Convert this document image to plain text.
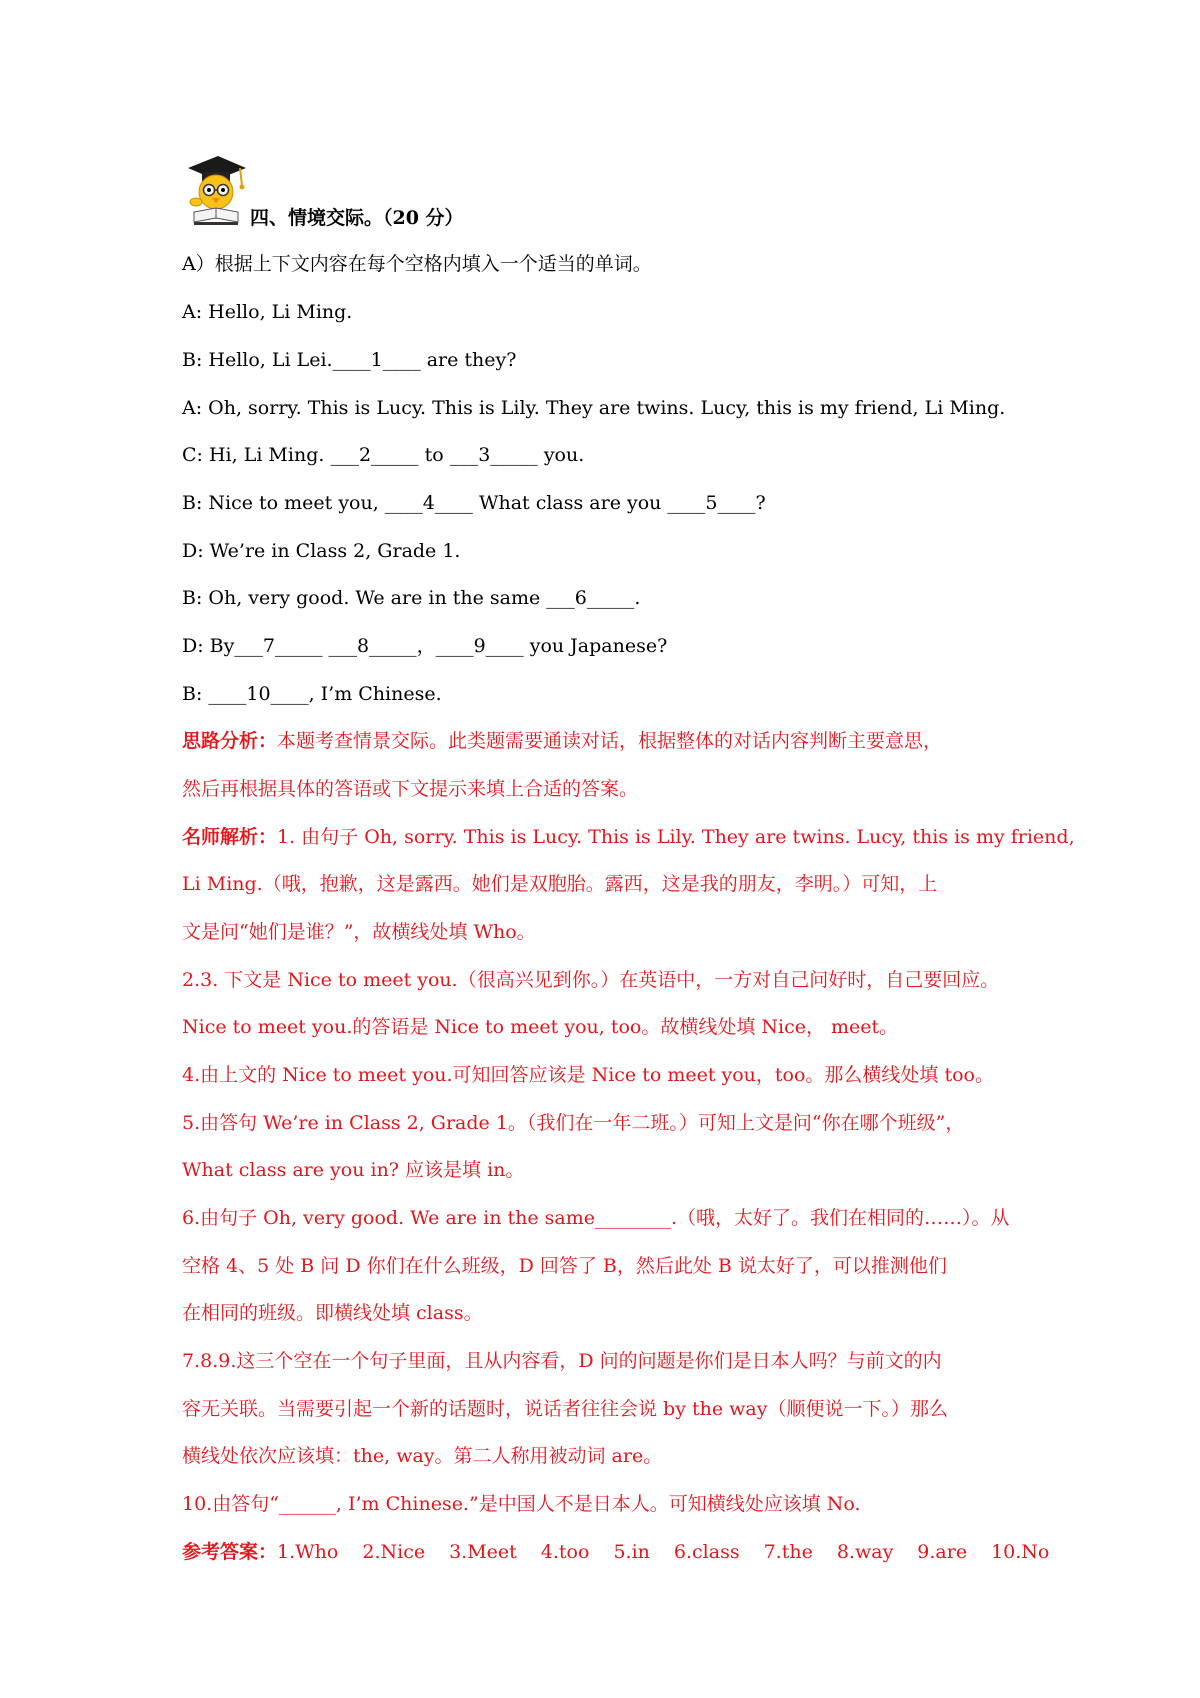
四、情境交际。（20 分）
A）根据上下文内容在每个空格内填入一个适当的单词。
A: Hello, Li Ming.
B: Hello, Li Lei.____1____ are they?
A: Oh, sorry. This is Lucy. This is Lily. They are twins. Lucy, this is my friend, Li Ming.
C: Hi, Li Ming. ___2_____ to ___3_____ you.
B: Nice to meet you, ____4____ What class are you ____5____?
D: We’re in Class 2, Grade 1.
B: Oh, very good. We are in the same ___6_____.
D: By___7_____ ___8_____，____9____ you Japanese?
B: ____10____, I’m Chinese.
思路分析：本题考查情景交际。此类题需要通读对话，根据整体的对话内容判断主要意思，
然后再根据具体的答语或下文提示来填上合适的答案。
名师解析：1. 由句子 Oh, sorry. This is Lucy. This is Lily. They are twins. Lucy, this is my friend,
Li Ming.（哦，抱歉，这是露西。她们是双胞胎。露西，这是我的朋友，李明。）可知，上
文是问“她们是谁？”，故横线处填 Who。
2.3. 下文是 Nice to meet you.（很高兴见到你。）在英语中，一方对自己问好时，自己要回应。
Nice to meet you.的答语是 Nice to meet you, too。故横线处填 Nice， meet。
4.由上文的 Nice to meet you.可知回答应该是 Nice to meet you，too。那么横线处填 too。
5.由答句 We’re in Class 2, Grade 1。（我们在一年二班。）可知上文是问“你在哪个班级”，
What class are you in? 应该是填 in。
6.由句子 Oh, very good. We are in the same________.（哦，太好了。我们在相同的……）。从
空格 4、5 处 B 问 D 你们在什么班级，D 回答了 B，然后此处 B 说太好了，可以推测他们
在相同的班级。即横线处填 class。
7.8.9.这三个空在一个句子里面，且从内容看，D 问的问题是你们是日本人吗？与前文的内
容无关联。当需要引起一个新的话题时，说话者往往会说 by the way（顺便说一下。）那么
横线处依次应该填：the, way。第二人称用被动词 are。
10.由答句“______, I’m Chinese.”是中国人不是日本人。可知横线处应该填 No.
参考答案：1.Who 2.Nice 3.Meet 4.too 5.in 6.class 7.the 8.way 9.are 10.No
